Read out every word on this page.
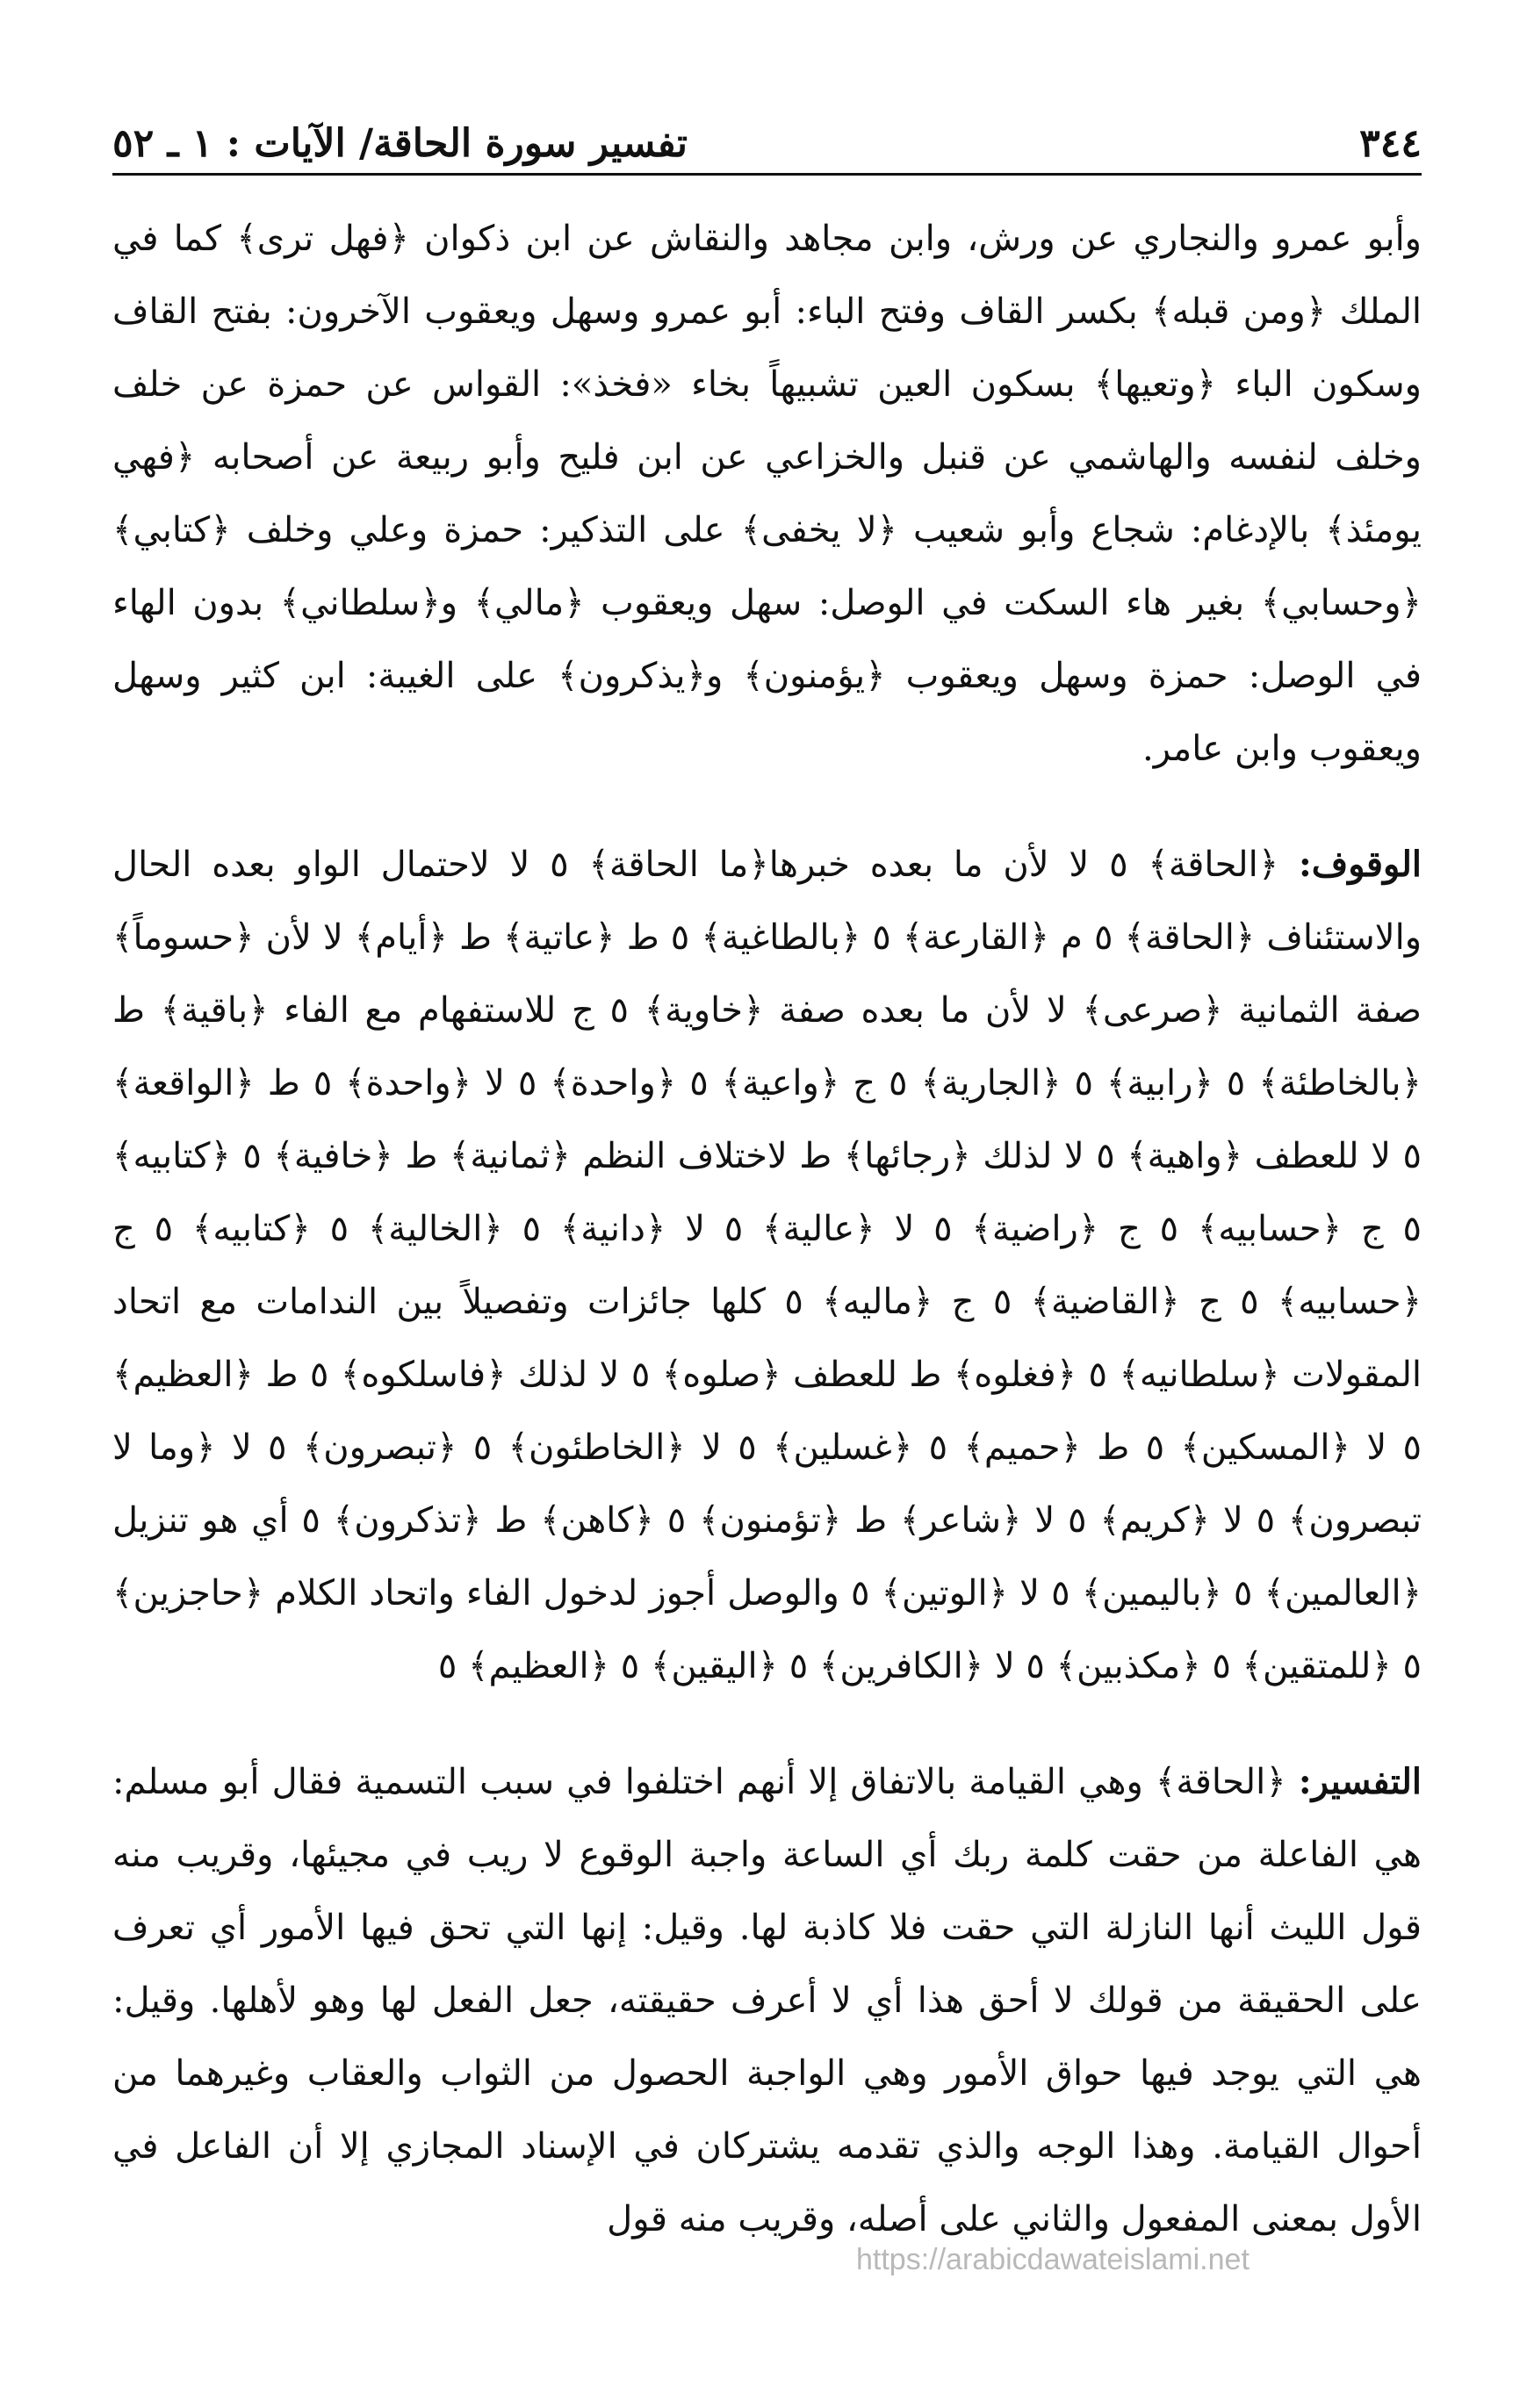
٣٤٤
تفسير سورة الحاقة/ الآيات : ١ ـ ٥٢

وأبو عمرو والنجاري عن ورش، وابن مجاهد والنقاش عن ابن ذكوان ﴿فهل ترى﴾ كما في الملك ﴿ومن قبله﴾ بكسر القاف وفتح الباء: أبو عمرو وسهل ويعقوب الآخرون: بفتح القاف وسكون الباء ﴿وتعيها﴾ بسكون العين تشبيهاً بخاء «فخذ»: القواس عن حمزة عن خلف وخلف لنفسه والهاشمي عن قنبل والخزاعي عن ابن فليح وأبو ربيعة عن أصحابه ﴿فهي يومئذ﴾ بالإدغام: شجاع وأبو شعيب ﴿لا يخفى﴾ على التذكير: حمزة وعلي وخلف ﴿كتابي﴾ ﴿وحسابي﴾ بغير هاء السكت في الوصل: سهل ويعقوب ﴿مالي﴾ و﴿سلطاني﴾ بدون الهاء في الوصل: حمزة وسهل ويعقوب ﴿يؤمنون﴾ و﴿يذكرون﴾ على الغيبة: ابن كثير وسهل ويعقوب وابن عامر.

الوقوف: ﴿الحاقة﴾ ٥ لا لأن ما بعده خبرها﴿ما الحاقة﴾ ٥ لا لاحتمال الواو بعده الحال والاستئناف ﴿الحاقة﴾ ٥ م ﴿القارعة﴾ ٥ ﴿بالطاغية﴾ ٥ ط ﴿عاتية﴾ ط ﴿أيام﴾ لا لأن ﴿حسوماً﴾ صفة الثمانية ﴿صرعى﴾ لا لأن ما بعده صفة ﴿خاوية﴾ ٥ ج للاستفهام مع الفاء ﴿باقية﴾ ط ﴿بالخاطئة﴾ ٥ ﴿رابية﴾ ٥ ﴿الجارية﴾ ٥ ج ﴿واعية﴾ ٥ ﴿واحدة﴾ ٥ لا ﴿واحدة﴾ ٥ ط ﴿الواقعة﴾ ٥ لا للعطف ﴿واهية﴾ ٥ لا لذلك ﴿رجائها﴾ ط لاختلاف النظم ﴿ثمانية﴾ ط ﴿خافية﴾ ٥ ﴿كتابيه﴾ ٥ ج ﴿حسابيه﴾ ٥ ج ﴿راضية﴾ ٥ لا ﴿عالية﴾ ٥ لا ﴿دانية﴾ ٥ ﴿الخالية﴾ ٥ ﴿كتابيه﴾ ٥ ج ﴿حسابيه﴾ ٥ ج ﴿القاضية﴾ ٥ ج ﴿ماليه﴾ ٥ كلها جائزات وتفصيلاً بين الندامات مع اتحاد المقولات ﴿سلطانيه﴾ ٥ ﴿فغلوه﴾ ط للعطف ﴿صلوه﴾ ٥ لا لذلك ﴿فاسلكوه﴾ ٥ ط ﴿العظيم﴾ ٥ لا ﴿المسكين﴾ ٥ ط ﴿حميم﴾ ٥ ﴿غسلين﴾ ٥ لا ﴿الخاطئون﴾ ٥ ﴿تبصرون﴾ ٥ لا ﴿وما لا تبصرون﴾ ٥ لا ﴿كريم﴾ ٥ لا ﴿شاعر﴾ ط ﴿تؤمنون﴾ ٥ ﴿كاهن﴾ ط ﴿تذكرون﴾ ٥ أي هو تنزيل ﴿العالمين﴾ ٥ ﴿باليمين﴾ ٥ لا ﴿الوتين﴾ ٥ والوصل أجوز لدخول الفاء واتحاد الكلام ﴿حاجزين﴾ ٥ ﴿للمتقين﴾ ٥ ﴿مكذبين﴾ ٥ لا ﴿الكافرين﴾ ٥ ﴿اليقين﴾ ٥ ﴿العظيم﴾ ٥

التفسير: ﴿الحاقة﴾ وهي القيامة بالاتفاق إلا أنهم اختلفوا في سبب التسمية فقال أبو مسلم: هي الفاعلة من حقت كلمة ربك أي الساعة واجبة الوقوع لا ريب في مجيئها، وقريب منه قول الليث أنها النازلة التي حقت فلا كاذبة لها. وقيل: إنها التي تحق فيها الأمور أي تعرف على الحقيقة من قولك لا أحق هذا أي لا أعرف حقيقته، جعل الفعل لها وهو لأهلها. وقيل: هي التي يوجد فيها حواق الأمور وهي الواجبة الحصول من الثواب والعقاب وغيرهما من أحوال القيامة. وهذا الوجه والذي تقدمه يشتركان في الإسناد المجازي إلا أن الفاعل في الأول بمعنى المفعول والثاني على أصله، وقريب منه قول

https://arabicdawateislami.net
